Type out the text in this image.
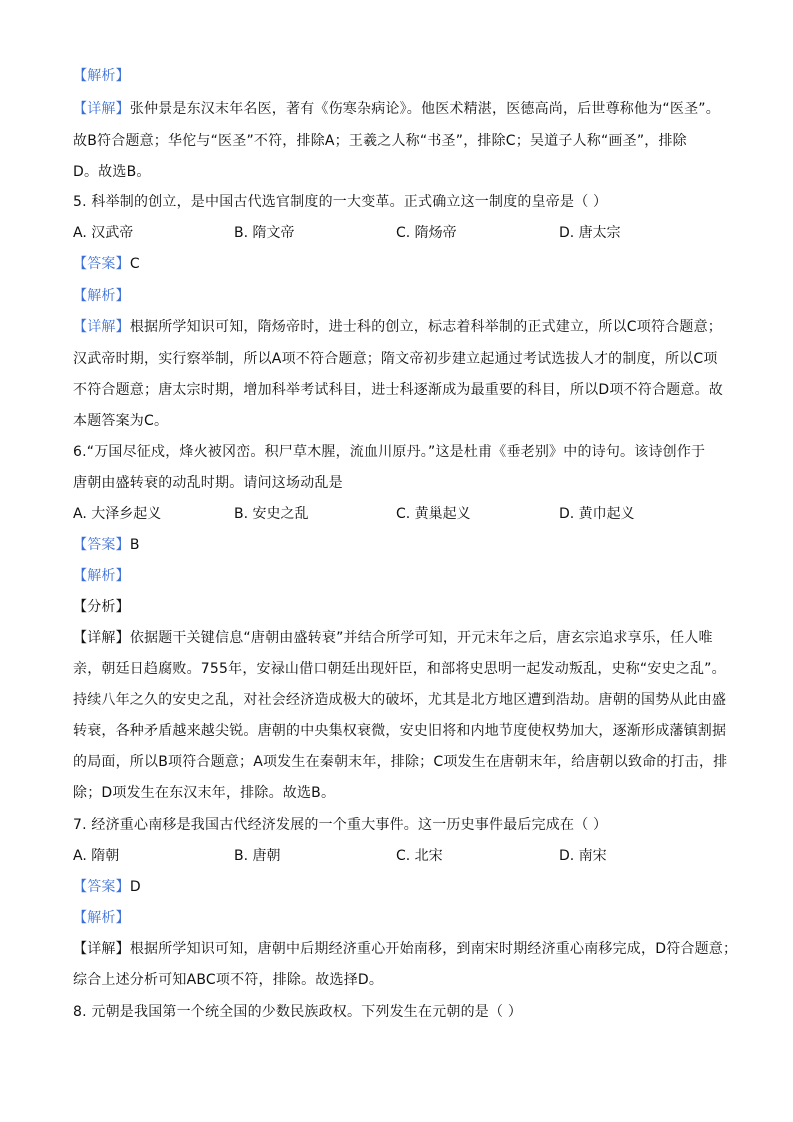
【解析】
【详解】张仲景是东汉末年名医，著有《伤寒杂病论》。他医术精湛，医德高尚，后世尊称他为“医圣”。
故B符合题意；华佗与“医圣”不符，排除A；王羲之人称“书圣”，排除C；吴道子人称“画圣”，排除
D。故选B。
5. 科举制的创立，是中国古代选官制度的一大变革。正式确立这一制度的皇帝是（ ）
A. 汉武帝	B. 隋文帝	C. 隋炀帝	D. 唐太宗
【答案】C
【解析】
【详解】根据所学知识可知，隋炀帝时，进士科的创立，标志着科举制的正式建立，所以C项符合题意；
汉武帝时期，实行察举制，所以A项不符合题意；隋文帝初步建立起通过考试选拔人才的制度，所以C项
不符合题意；唐太宗时期，增加科举考试科目，进士科逐渐成为最重要的科目，所以D项不符合题意。故
本题答案为C。
6.“万国尽征戍，烽火被冈峦。积尸草木腥，流血川原丹。”这是杜甫《垂老别》中的诗句。该诗创作于
唐朝由盛转衰的动乱时期。请问这场动乱是
A. 大泽乡起义	B. 安史之乱	C. 黄巢起义	D. 黄巾起义
【答案】B
【解析】
【分析】
【详解】依据题干关键信息“唐朝由盛转衰”并结合所学可知，开元末年之后，唐玄宗追求享乐，任人唯
亲，朝廷日趋腐败。755年，安禄山借口朝廷出现奸臣，和部将史思明一起发动叛乱，史称“安史之乱”。
持续八年之久的安史之乱，对社会经济造成极大的破坏，尤其是北方地区遭到浩劫。唐朝的国势从此由盛
转衰，各种矛盾越来越尖锐。唐朝的中央集权衰微，安史旧将和内地节度使权势加大，逐渐形成藩镇割据
的局面，所以B项符合题意；A项发生在秦朝末年，排除；C项发生在唐朝末年，给唐朝以致命的打击，排
除；D项发生在东汉末年，排除。故选B。
7. 经济重心南移是我国古代经济发展的一个重大事件。这一历史事件最后完成在（ ）
A. 隋朝	B. 唐朝	C. 北宋	D. 南宋
【答案】D
【解析】
【详解】根据所学知识可知，唐朝中后期经济重心开始南移，到南宋时期经济重心南移完成，D符合题意；
综合上述分析可知ABC项不符，排除。故选择D。
8. 元朝是我国第一个统全国的少数民族政权。下列发生在元朝的是（ ）
